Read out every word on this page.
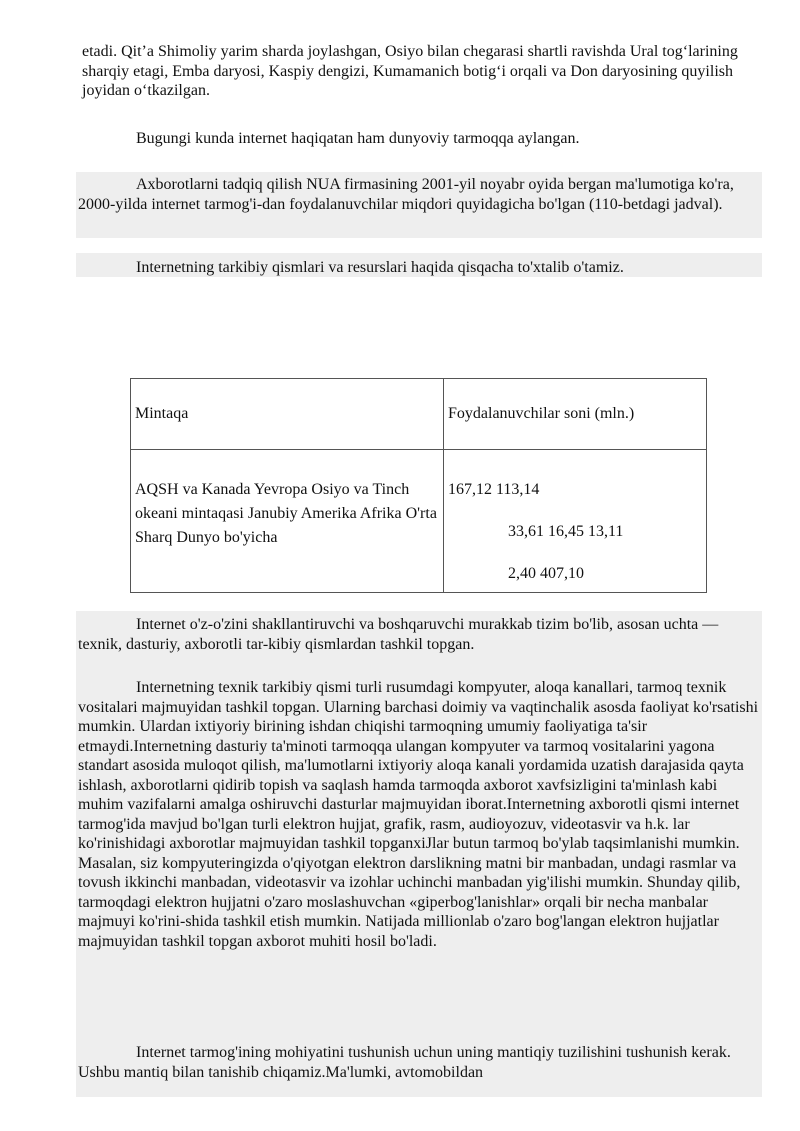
etadi. Qit’a Shimoliy yarim sharda joylashgan, Osiyo bilan chegarasi shartli ravishda Ural tog‘larining sharqiy etagi, Emba daryosi, Kaspiy dengizi, Kumamanich botig‘i orqali va Don daryosining quyilish joyidan o‘tkazilgan.

Bugungi kunda internet haqiqatan ham dunyoviy tarmoqqa aylangan.

Axborotlarni tadqiq qilish NUA firmasining 2001-yil noyabr oyida bergan ma'lumotiga ko'ra, 2000-yilda internet tarmog'i-dan foydalanuvchilar miqdori quyidagicha bo'lgan (110-betdagi jadval).

Internetning tarkibiy qismlari va resurslari haqida qisqacha to'xtalib o'tamiz.

Mintaqa	Foydalanuvchilar soni (mln.)

AQSH va Kanada Yevropa Osiyo va Tinch okeani mintaqasi Janubiy Amerika Afrika O'rta Sharq Dunyo bo'yicha	167,12 113,14
33,61 16,45 13,11
2,40 407,10

Internet o'z-o'zini shakllantiruvchi va boshqaruvchi murakkab tizim bo'lib, asosan uchta — texnik, dasturiy, axborotli tar-kibiy qismlardan tashkil topgan.

Internetning texnik tarkibiy qismi turli rusumdagi kompyuter, aloqa kanallari, tarmoq texnik vositalari majmuyidan tashkil topgan. Ularning barchasi doimiy va vaqtinchalik asosda faoliyat ko'rsatishi mumkin. Ulardan ixtiyoriy birining ishdan chiqishi tarmoqning umumiy faoliyatiga ta'sir etmaydi.Internetning dasturiy ta'minoti tarmoqqa ulangan kompyuter va tarmoq vositalarini yagona standart asosida muloqot qilish, ma'lumotlarni ixtiyoriy aloqa kanali yordamida uzatish darajasida qayta ishlash, axborotlarni qidirib topish va saqlash hamda tarmoqda axborot xavfsizligini ta'minlash kabi muhim vazifalarni amalga oshiruvchi dasturlar majmuyidan iborat.Internetning axborotli qismi internet tarmog'ida mavjud bo'lgan turli elektron hujjat, grafik, rasm, audioyozuv, videotasvir va h.k. lar ko'rinishidagi axborotlar majmuyidan tashkil topganxiJlar butun tarmoq bo'ylab taqsimlanishi mumkin. Masalan, siz kompyuteringizda o'qiyotgan elektron darslikning matni bir manbadan, undagi rasmlar va tovush ikkinchi manbadan, videotasvir va izohlar uchinchi manbadan yig'ilishi mumkin. Shunday qilib, tarmoqdagi elektron hujjatni o'zaro moslashuvchan «giperbog'lanishlar» orqali bir necha manbalar majmuyi ko'rini-shida tashkil etish mumkin. Natijada millionlab o'zaro bog'langan elektron hujjatlar majmuyidan tashkil topgan axborot muhiti hosil bo'ladi.

Internet tarmog'ining mohiyatini tushunish uchun uning mantiqiy tuzilishini tushunish kerak. Ushbu mantiq bilan tanishib chiqamiz.Ma'lumki, avtomobildan
